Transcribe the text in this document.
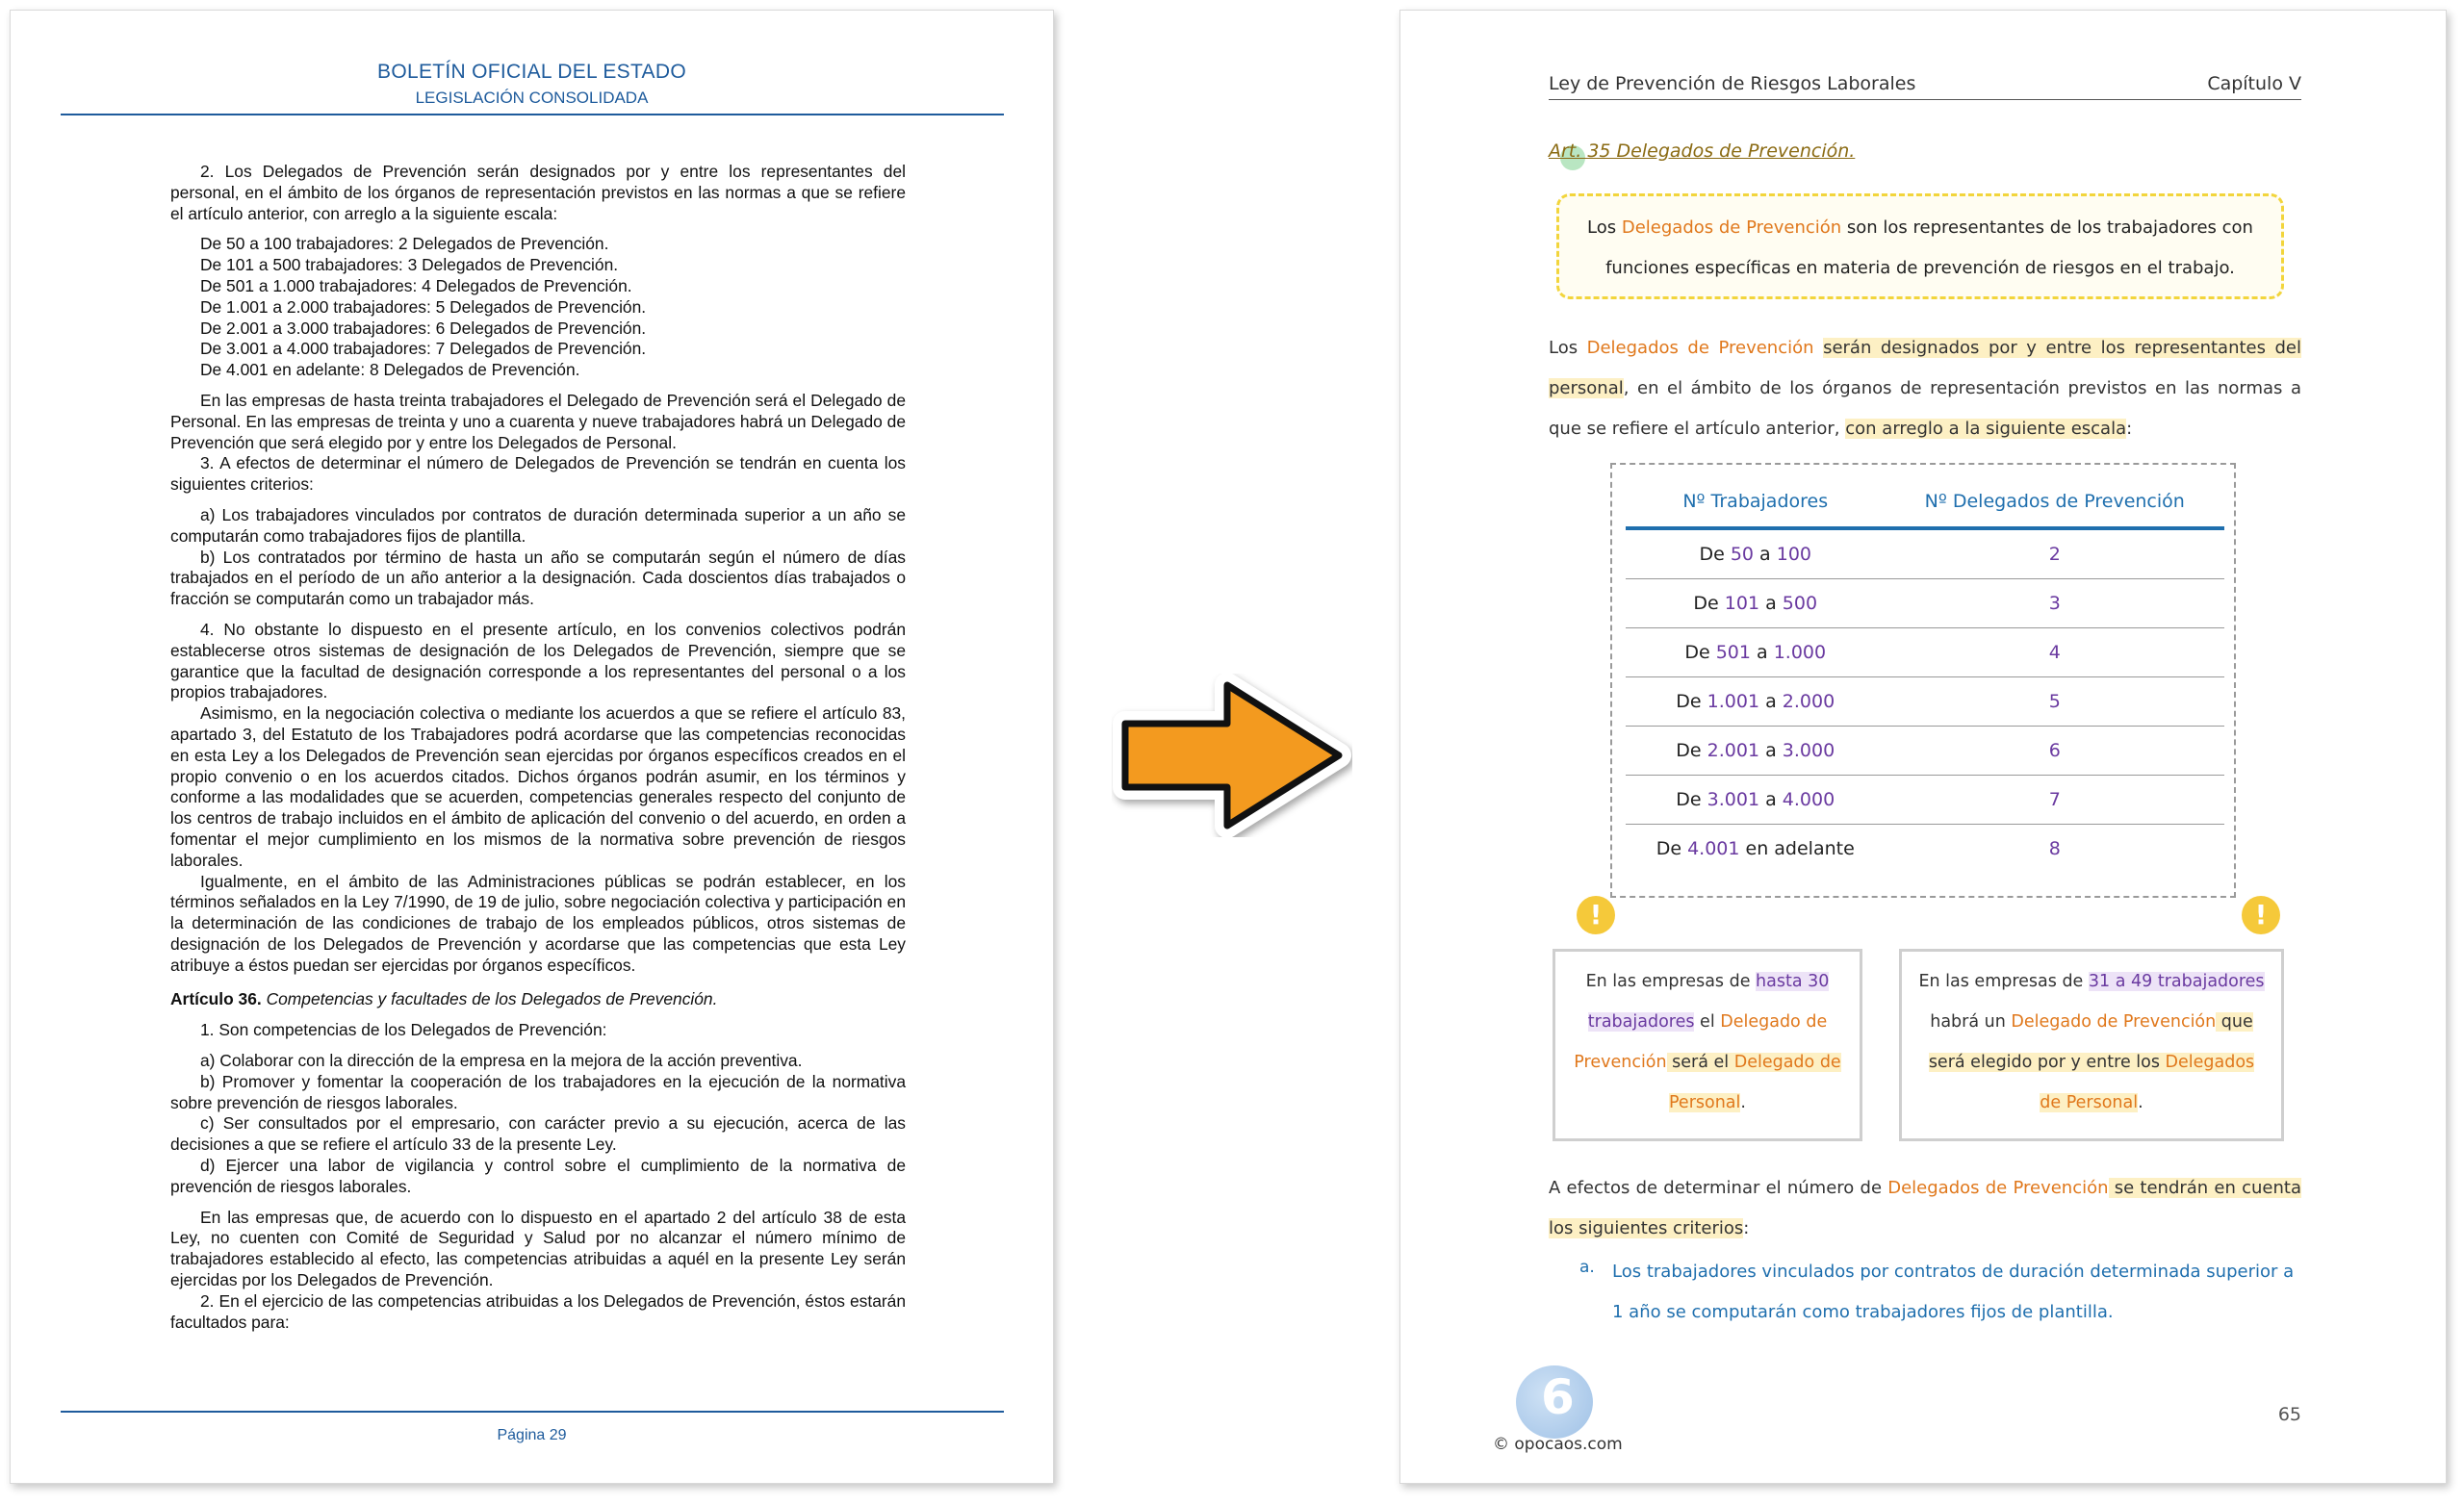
BOLETÍN OFICIAL DEL ESTADO
LEGISLACIÓN CONSOLIDADA

2. Los Delegados de Prevención serán designados por y entre los representantes del personal, en el ámbito de los órganos de representación previstos en las normas a que se refiere el artículo anterior, con arreglo a la siguiente escala:

De 50 a 100 trabajadores: 2 Delegados de Prevención.

De 101 a 500 trabajadores: 3 Delegados de Prevención.

De 501 a 1.000 trabajadores: 4 Delegados de Prevención.

De 1.001 a 2.000 trabajadores: 5 Delegados de Prevención.

De 2.001 a 3.000 trabajadores: 6 Delegados de Prevención.

De 3.001 a 4.000 trabajadores: 7 Delegados de Prevención.

De 4.001 en adelante: 8 Delegados de Prevención.

En las empresas de hasta treinta trabajadores el Delegado de Prevención será el Delegado de Personal. En las empresas de treinta y uno a cuarenta y nueve trabajadores habrá un Delegado de Prevención que será elegido por y entre los Delegados de Personal.

3. A efectos de determinar el número de Delegados de Prevención se tendrán en cuenta los siguientes criterios:

a) Los trabajadores vinculados por contratos de duración determinada superior a un año se computarán como trabajadores fijos de plantilla.

b) Los contratados por término de hasta un año se computarán según el número de días trabajados en el período de un año anterior a la designación. Cada doscientos días trabajados o fracción se computarán como un trabajador más.

4. No obstante lo dispuesto en el presente artículo, en los convenios colectivos podrán establecerse otros sistemas de designación de los Delegados de Prevención, siempre que se garantice que la facultad de designación corresponde a los representantes del personal o a los propios trabajadores.

Asimismo, en la negociación colectiva o mediante los acuerdos a que se refiere el artículo 83, apartado 3, del Estatuto de los Trabajadores podrá acordarse que las competencias reconocidas en esta Ley a los Delegados de Prevención sean ejercidas por órganos específicos creados en el propio convenio o en los acuerdos citados. Dichos órganos podrán asumir, en los términos y conforme a las modalidades que se acuerden, competencias generales respecto del conjunto de los centros de trabajo incluidos en el ámbito de aplicación del convenio o del acuerdo, en orden a fomentar el mejor cumplimiento en los mismos de la normativa sobre prevención de riesgos laborales.

Igualmente, en el ámbito de las Administraciones públicas se podrán establecer, en los términos señalados en la Ley 7/1990, de 19 de julio, sobre negociación colectiva y participación en la determinación de las condiciones de trabajo de los empleados públicos, otros sistemas de designación de los Delegados de Prevención y acordarse que las competencias que esta Ley atribuye a éstos puedan ser ejercidas por órganos específicos.

Artículo 36. Competencias y facultades de los Delegados de Prevención.

1. Son competencias de los Delegados de Prevención:

a) Colaborar con la dirección de la empresa en la mejora de la acción preventiva.

b) Promover y fomentar la cooperación de los trabajadores en la ejecución de la normativa sobre prevención de riesgos laborales.

c) Ser consultados por el empresario, con carácter previo a su ejecución, acerca de las decisiones a que se refiere el artículo 33 de la presente Ley.

d) Ejercer una labor de vigilancia y control sobre el cumplimiento de la normativa de prevención de riesgos laborales.

En las empresas que, de acuerdo con lo dispuesto en el apartado 2 del artículo 38 de esta Ley, no cuenten con Comité de Seguridad y Salud por no alcanzar el número mínimo de trabajadores establecido al efecto, las competencias atribuidas a aquél en la presente Ley serán ejercidas por los Delegados de Prevención.

2. En el ejercicio de las competencias atribuidas a los Delegados de Prevención, éstos estarán facultados para:

Página 29
Ley de Prevención de Riesgos Laborales	Capítulo V
Art. 35 Delegados de Prevención.
Los Delegados de Prevención son los representantes de los trabajadores con funciones específicas en materia de prevención de riesgos en el trabajo.
Los Delegados de Prevención serán designados por y entre los representantes del personal, en el ámbito de los órganos de representación previstos en las normas a que se refiere el artículo anterior, con arreglo a la siguiente escala:
Nº Trabajadores	Nº Delegados de Prevención
De 50 a 100	2
De 101 a 500	3
De 501 a 1.000	4
De 1.001 a 2.000	5
De 2.001 a 3.000	6
De 3.001 a 4.000	7
De 4.001 en adelante	8
!	!
En las empresas de hasta 30 trabajadores el Delegado de Prevención será el Delegado de Personal.
En las empresas de 31 a 49 trabajadores habrá un Delegado de Prevención que será elegido por y entre los Delegados de Personal.
A efectos de determinar el número de Delegados de Prevención se tendrán en cuenta los siguientes criterios:
a. Los trabajadores vinculados por contratos de duración determinada superior a 1 año se computarán como trabajadores fijos de plantilla.
6
© opocaos.com
65
